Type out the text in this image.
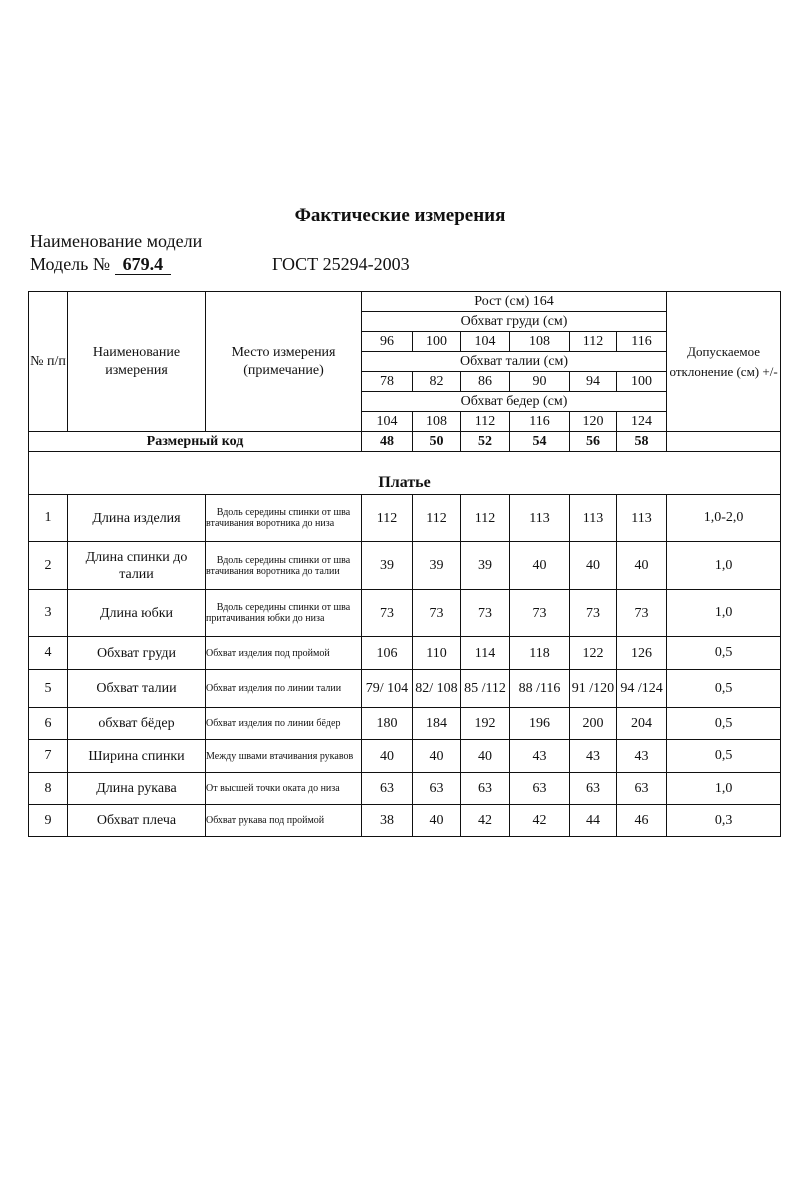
Фактические измерения
Наименование модели
Модель № 679.4	ГОСТ 25294-2003
№ п/п	Наименование измерения	Место измерения (примечание)	Рост (см) 164						Допускаемое отклонение (см) +/-
			Обхват груди (см)						
			96	100	104	108	112	116	
			Обхват талии (см)						
			78	82	86	90	94	100	
			Обхват бедер (см)						
			104	108	112	116	120	124	
Размерный код			48	50	52	54	56	58	
Платье									
1	Длина изделия	Вдоль середины спинки от шва втачивания воротника до низа	112	112	112	113	113	113	1,0-2,0
2	Длина спинки до талии	Вдоль середины спинки от шва втачивания воротника до талии	39	39	39	40	40	40	1,0
3	Длина юбки	Вдоль середины спинки от шва притачивания юбки до низа	73	73	73	73	73	73	1,0
4	Обхват груди	Обхват изделия под проймой	106	110	114	118	122	126	0,5
5	Обхват талии	Обхват изделия по линии талии	79/ 104	82/ 108	85 /112	88 /116	91 /120	94 /124	0,5
6	обхват бёдер	Обхват изделия по линии бёдер	180	184	192	196	200	204	0,5
7	Ширина спинки	Между швами втачивания рукавов	40	40	40	43	43	43	0,5
8	Длина рукава	От высшей точки оката до низа	63	63	63	63	63	63	1,0
9	Обхват плеча	Обхват рукава под проймой	38	40	42	42	44	46	0,3
